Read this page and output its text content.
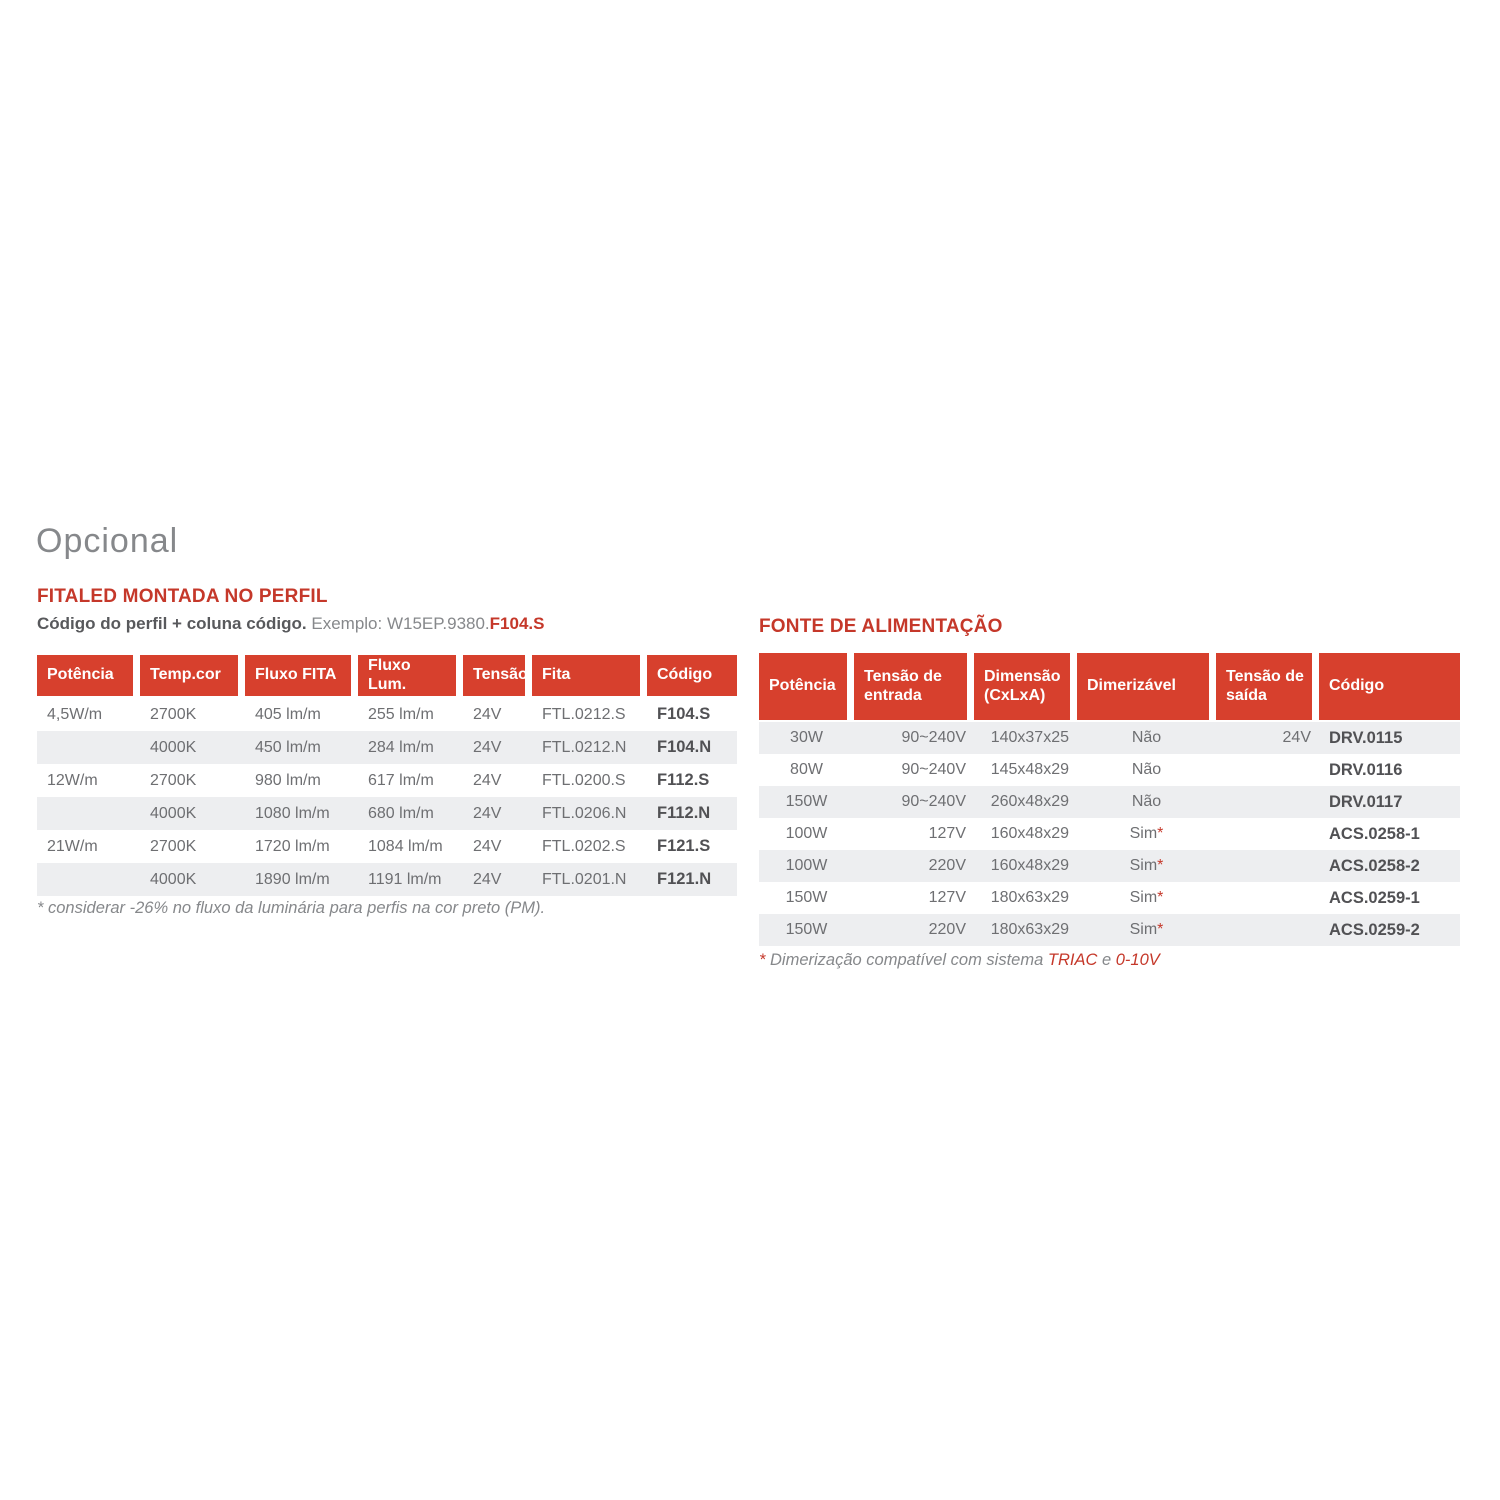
Opcional
FITALED MONTADA NO PERFIL
Código do perfil + coluna código. Exemplo: W15EP.9380.F104.S
Potência	Temp.cor	Fluxo FITA	Fluxo Lum.	Tensão	Fita	Código
4,5W/m	2700K	405 lm/m	255 lm/m	24V	FTL.0212.S	F104.S
	4000K	450 lm/m	284 lm/m	24V	FTL.0212.N	F104.N
12W/m	2700K	980 lm/m	617 lm/m	24V	FTL.0200.S	F112.S
	4000K	1080 lm/m	680 lm/m	24V	FTL.0206.N	F112.N
21W/m	2700K	1720 lm/m	1084 lm/m	24V	FTL.0202.S	F121.S
	4000K	1890 lm/m	1191 lm/m	24V	FTL.0201.N	F121.N
* considerar -26% no fluxo da luminária para perfis na cor preto (PM).
FONTE DE ALIMENTAÇÃO
Potência	Tensão de entrada	Dimensão (CxLxA)	Dimerizável	Tensão de saída	Código
30W	90~240V	140x37x25	Não	24V	DRV.0115
80W	90~240V	145x48x29	Não		DRV.0116
150W	90~240V	260x48x29	Não		DRV.0117
100W	127V	160x48x29	Sim*		ACS.0258-1
100W	220V	160x48x29	Sim*		ACS.0258-2
150W	127V	180x63x29	Sim*		ACS.0259-1
150W	220V	180x63x29	Sim*		ACS.0259-2
* Dimerização compatível com sistema TRIAC e 0-10V
